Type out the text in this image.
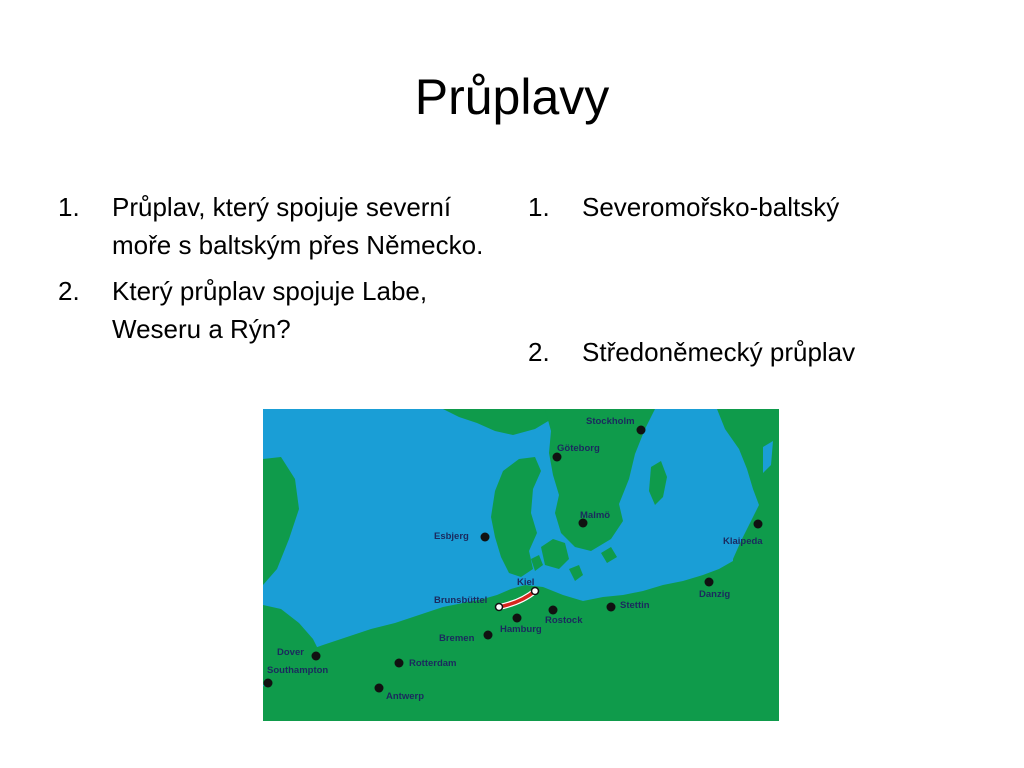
Průplavy
1. Průplav, který spojuje severní moře s baltským přes Německo.
2. Který průplav spojuje Labe, Weseru a Rýn?
1. Severomořsko-baltský
2. Středoněmecký průplav
Stockholm
Göteborg
Malmö
Esbjerg	Klaipeda
Danzig
Stettin
Kiel
Brunsbüttel
Rostock
Hamburg
Bremen
Rotterdam
Dover
Southampton
Antwerp
